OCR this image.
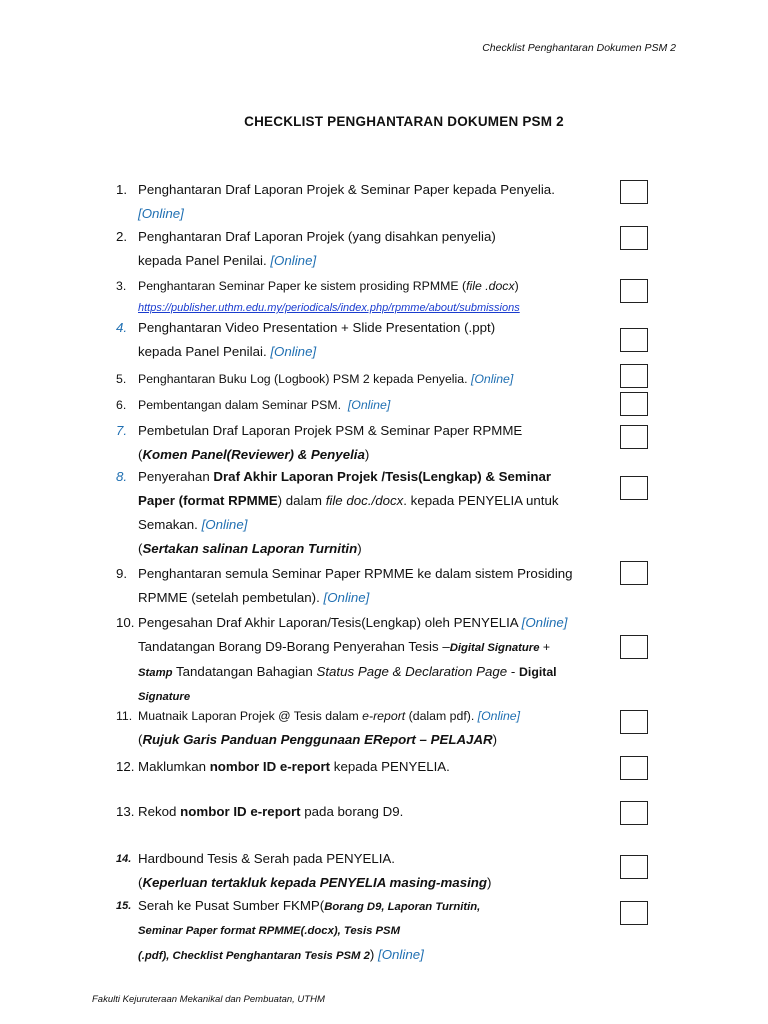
Checklist Penghantaran Dokumen PSM 2
CHECKLIST PENGHANTARAN DOKUMEN PSM 2
1. Penghantaran Draf Laporan Projek & Seminar Paper kepada Penyelia.
[Online]
2. Penghantaran Draf Laporan Projek (yang disahkan penyelia)
kepada Panel Penilai. [Online]
3. Penghantaran Seminar Paper ke sistem prosiding RPMME (file .docx)
https://publisher.uthm.edu.my/periodicals/index.php/rpmme/about/submissions
4. Penghantaran Video Presentation + Slide Presentation (.ppt)
kepada Panel Penilai. [Online]
5. Penghantaran Buku Log (Logbook) PSM 2 kepada Penyelia. [Online]
6. Pembentangan dalam Seminar PSM. [Online]
7. Pembetulan Draf Laporan Projek PSM & Seminar Paper RPMME
(Komen Panel(Reviewer) & Penyelia)
8. Penyerahan Draf Akhir Laporan Projek /Tesis(Lengkap) & Seminar
Paper (format RPMME) dalam file doc./docx. kepada PENYELIA untuk
Semakan. [Online]
(Sertakan salinan Laporan Turnitin)
9. Penghantaran semula Seminar Paper RPMME ke dalam sistem Prosiding
RPMME (setelah pembetulan). [Online]
10. Pengesahan Draf Akhir Laporan/Tesis(Lengkap) oleh PENYELIA [Online]
Tandatangan Borang D9-Borang Penyerahan Tesis –Digital Signature +
Stamp Tandatangan Bahagian Status Page & Declaration Page - Digital
Signature
11. Muatnaik Laporan Projek @ Tesis dalam e-report (dalam pdf). [Online]
(Rujuk Garis Panduan Penggunaan EReport – PELAJAR)
12. Maklumkan nombor ID e-report kepada PENYELIA.
13. Rekod nombor ID e-report pada borang D9.
14. Hardbound Tesis & Serah pada PENYELIA.
(Keperluan tertakluk kepada PENYELIA masing-masing)
15. Serah ke Pusat Sumber FKMP(Borang D9, Laporan Turnitin,
Seminar Paper format RPMME(.docx), Tesis PSM
(.pdf), Checklist Penghantaran Tesis PSM 2) [Online]
Fakulti Kejuruteraan Mekanikal dan Pembuatan, UTHM
